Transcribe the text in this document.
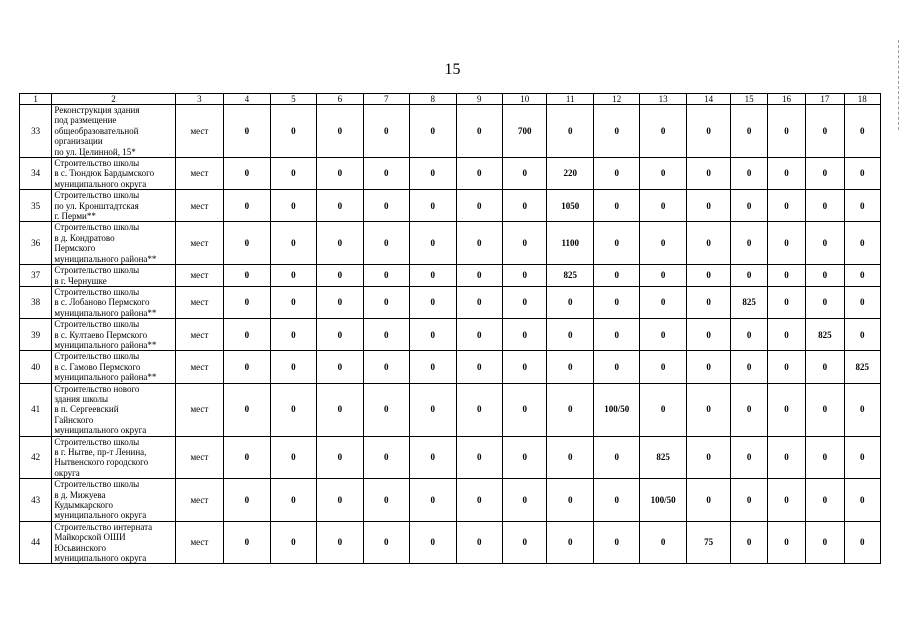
15
1	2	3	4	5	6	7	8	9	10	11	12	13	14	15	16	17	18
33	Реконструкция здания
под размещение
общеобразовательной
организации
по ул. Целинной, 15*	мест	0	0	0	0	0	0	700	0	0	0	0	0	0	0	0
34	Строительство школы
в с. Тюндюк Бардымского
муниципального округа	мест	0	0	0	0	0	0	0	220	0	0	0	0	0	0	0
35	Строительство школы
по ул. Кронштадтская
г. Перми**	мест	0	0	0	0	0	0	0	1050	0	0	0	0	0	0	0
36	Строительство школы
в д. Кондратово
Пермского
муниципального района**	мест	0	0	0	0	0	0	0	1100	0	0	0	0	0	0	0
37	Строительство школы
в г. Чернушке	мест	0	0	0	0	0	0	0	825	0	0	0	0	0	0	0
38	Строительство школы
в с. Лобаново Пермского
муниципального района**	мест	0	0	0	0	0	0	0	0	0	0	0	825	0	0	0
39	Строительство школы
в с. Култаево Пермского
муниципального района**	мест	0	0	0	0	0	0	0	0	0	0	0	0	0	825	0
40	Строительство школы
в с. Гамово Пермского
муниципального района**	мест	0	0	0	0	0	0	0	0	0	0	0	0	0	0	825
41	Строительство нового
здания школы
в п. Сергеевский
Гайнского
муниципального округа	мест	0	0	0	0	0	0	0	0	100/50	0	0	0	0	0	0
42	Строительство школы
в г. Нытве, пр-т Ленина,
Нытвенского городского
округа	мест	0	0	0	0	0	0	0	0	0	825	0	0	0	0	0
43	Строительство школы
в д. Мижуева
Кудымкарского
муниципального округа	мест	0	0	0	0	0	0	0	0	0	100/50	0	0	0	0	0
44	Строительство интерната
Майкорской ОШИ
Юсьвинского
муниципального округа	мест	0	0	0	0	0	0	0	0	0	0	75	0	0	0	0
